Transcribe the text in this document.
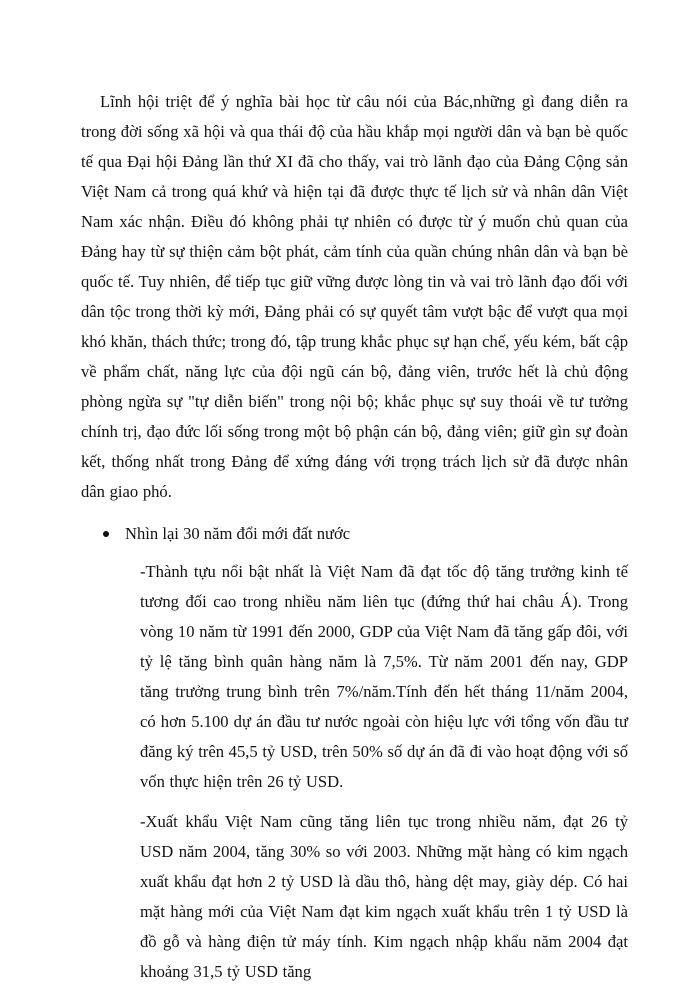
Lĩnh hội triệt để ý nghĩa bài học từ câu nói của Bác,những gì đang diễn ra trong đời sống xã hội và qua thái độ của hầu khắp mọi người dân và bạn bè quốc tế qua Đại hội Đảng lần thứ XI đã cho thấy, vai trò lãnh đạo của Đảng Cộng sản Việt Nam cả trong quá khứ và hiện tại đã được thực tế lịch sử và nhân dân Việt Nam xác nhận. Điều đó không phải tự nhiên có được từ ý muốn chủ quan của Đảng hay từ sự thiện cảm bột phát, cảm tính của quần chúng nhân dân và bạn bè quốc tế. Tuy nhiên, để tiếp tục giữ vững được lòng tin và vai trò lãnh đạo đối với dân tộc trong thời kỳ mới, Đảng phải có sự quyết tâm vượt bậc để vượt qua mọi khó khăn, thách thức; trong đó, tập trung khắc phục sự hạn chế, yếu kém, bất cập về phẩm chất, năng lực của đội ngũ cán bộ, đảng viên, trước hết là chủ động phòng ngừa sự "tự diễn biến" trong nội bộ; khắc phục sự suy thoái về tư tưởng chính trị, đạo đức lối sống trong một bộ phận cán bộ, đảng viên; giữ gìn sự đoàn kết, thống nhất trong Đảng để xứng đáng với trọng trách lịch sử đã được nhân dân giao phó.

Nhìn lại 30 năm đổi mới đất nước

-Thành tựu nổi bật nhất là Việt Nam đã đạt tốc độ tăng trưởng kinh tế tương đối cao trong nhiều năm liên tục (đứng thứ hai châu Á). Trong vòng 10 năm từ 1991 đến 2000, GDP của Việt Nam đã tăng gấp đôi, với tỷ lệ tăng bình quân hàng năm là 7,5%. Từ năm 2001 đến nay, GDP tăng trưởng trung bình trên 7%/năm.Tính đến hết tháng 11/năm 2004, có hơn 5.100 dự án đầu tư nước ngoài còn hiệu lực với tổng vốn đầu tư đăng ký trên 45,5 tỷ USD, trên 50% số dự án đã đi vào hoạt động với số vốn thực hiện trên 26 tỷ USD.

-Xuất khẩu Việt Nam cũng tăng liên tục trong nhiều năm, đạt 26 tỷ USD năm 2004, tăng 30% so với 2003. Những mặt hàng có kim ngạch xuất khẩu đạt hơn 2 tỷ USD là dầu thô, hàng dệt may, giày dép. Có hai mặt hàng mới của Việt Nam đạt kim ngạch xuất khẩu trên 1 tỷ USD là đồ gỗ và hàng điện tử máy tính. Kim ngạch nhập khẩu năm 2004 đạt khoảng 31,5 tỷ USD tăng
